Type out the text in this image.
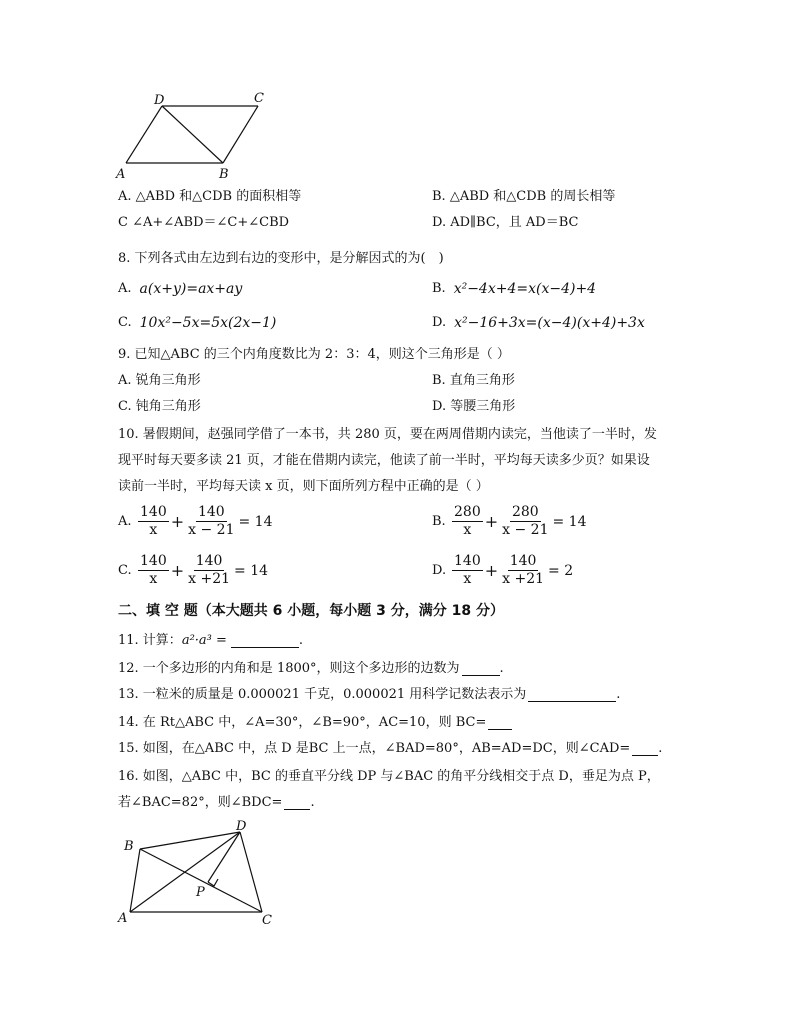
D	C
A	B
A. △ABD 和△CDB 的面积相等	B. △ABD 和△CDB 的周长相等
C ∠A+∠ABD＝∠C+∠CBD	D. AD∥BC，且 AD＝BC
8. 下列各式由左边到右边的变形中，是分解因式的为(　)
A. a(x+y)=ax+ay	B. x²−4x+4=x(x−4)+4
C. 10x²−5x=5x(2x−1)	D. x²−16+3x=(x−4)(x+4)+3x
9. 已知△ABC 的三个内角度数比为 2：3：4，则这个三角形是（ ）
A. 锐角三角形	B. 直角三角形
C. 钝角三角形	D. 等腰三角形
10. 暑假期间，赵强同学借了一本书，共 280 页，要在两周借期内读完，当他读了一半时，发
现平时每天要多读 21 页，才能在借期内读完，他读了前一半时，平均每天读多少页？如果设
读前一半时，平均每天读 x 页，则下面所列方程中正确的是（ ）
A. $\frac{140}{x} + \frac{140}{x - 21} = 14$	B. $\frac{280}{x} + \frac{280}{x - 21} = 14$
C. $\frac{140}{x} + \frac{140}{x +21} = 14$	D. $\frac{140}{x} + \frac{140}{x +21} = 2$
二、填 空 题（本大题共 6 小题，每小题 3 分，满分 18 分）
11. 计算： a²·a³ =	.
12. 一个多边形的内角和是 1800°，则这个多边形的边数为	.
13. 一粒米的质量是 0.000021 千克，0.000021 用科学记数法表示为	.
14. 在 Rt△ABC 中，∠A=30°，∠B=90°，AC=10，则 BC=
15. 如图，在△ABC 中，点 D 是BC 上一点，∠BAD=80°，AB=AD=DC，则∠CAD= .
16. 如图，△ABC 中，BC 的垂直平分线 DP 与∠BAC 的角平分线相交于点 D，垂足为点 P，
若∠BAC=82°，则∠BDC= .
B
D
P
A	C
